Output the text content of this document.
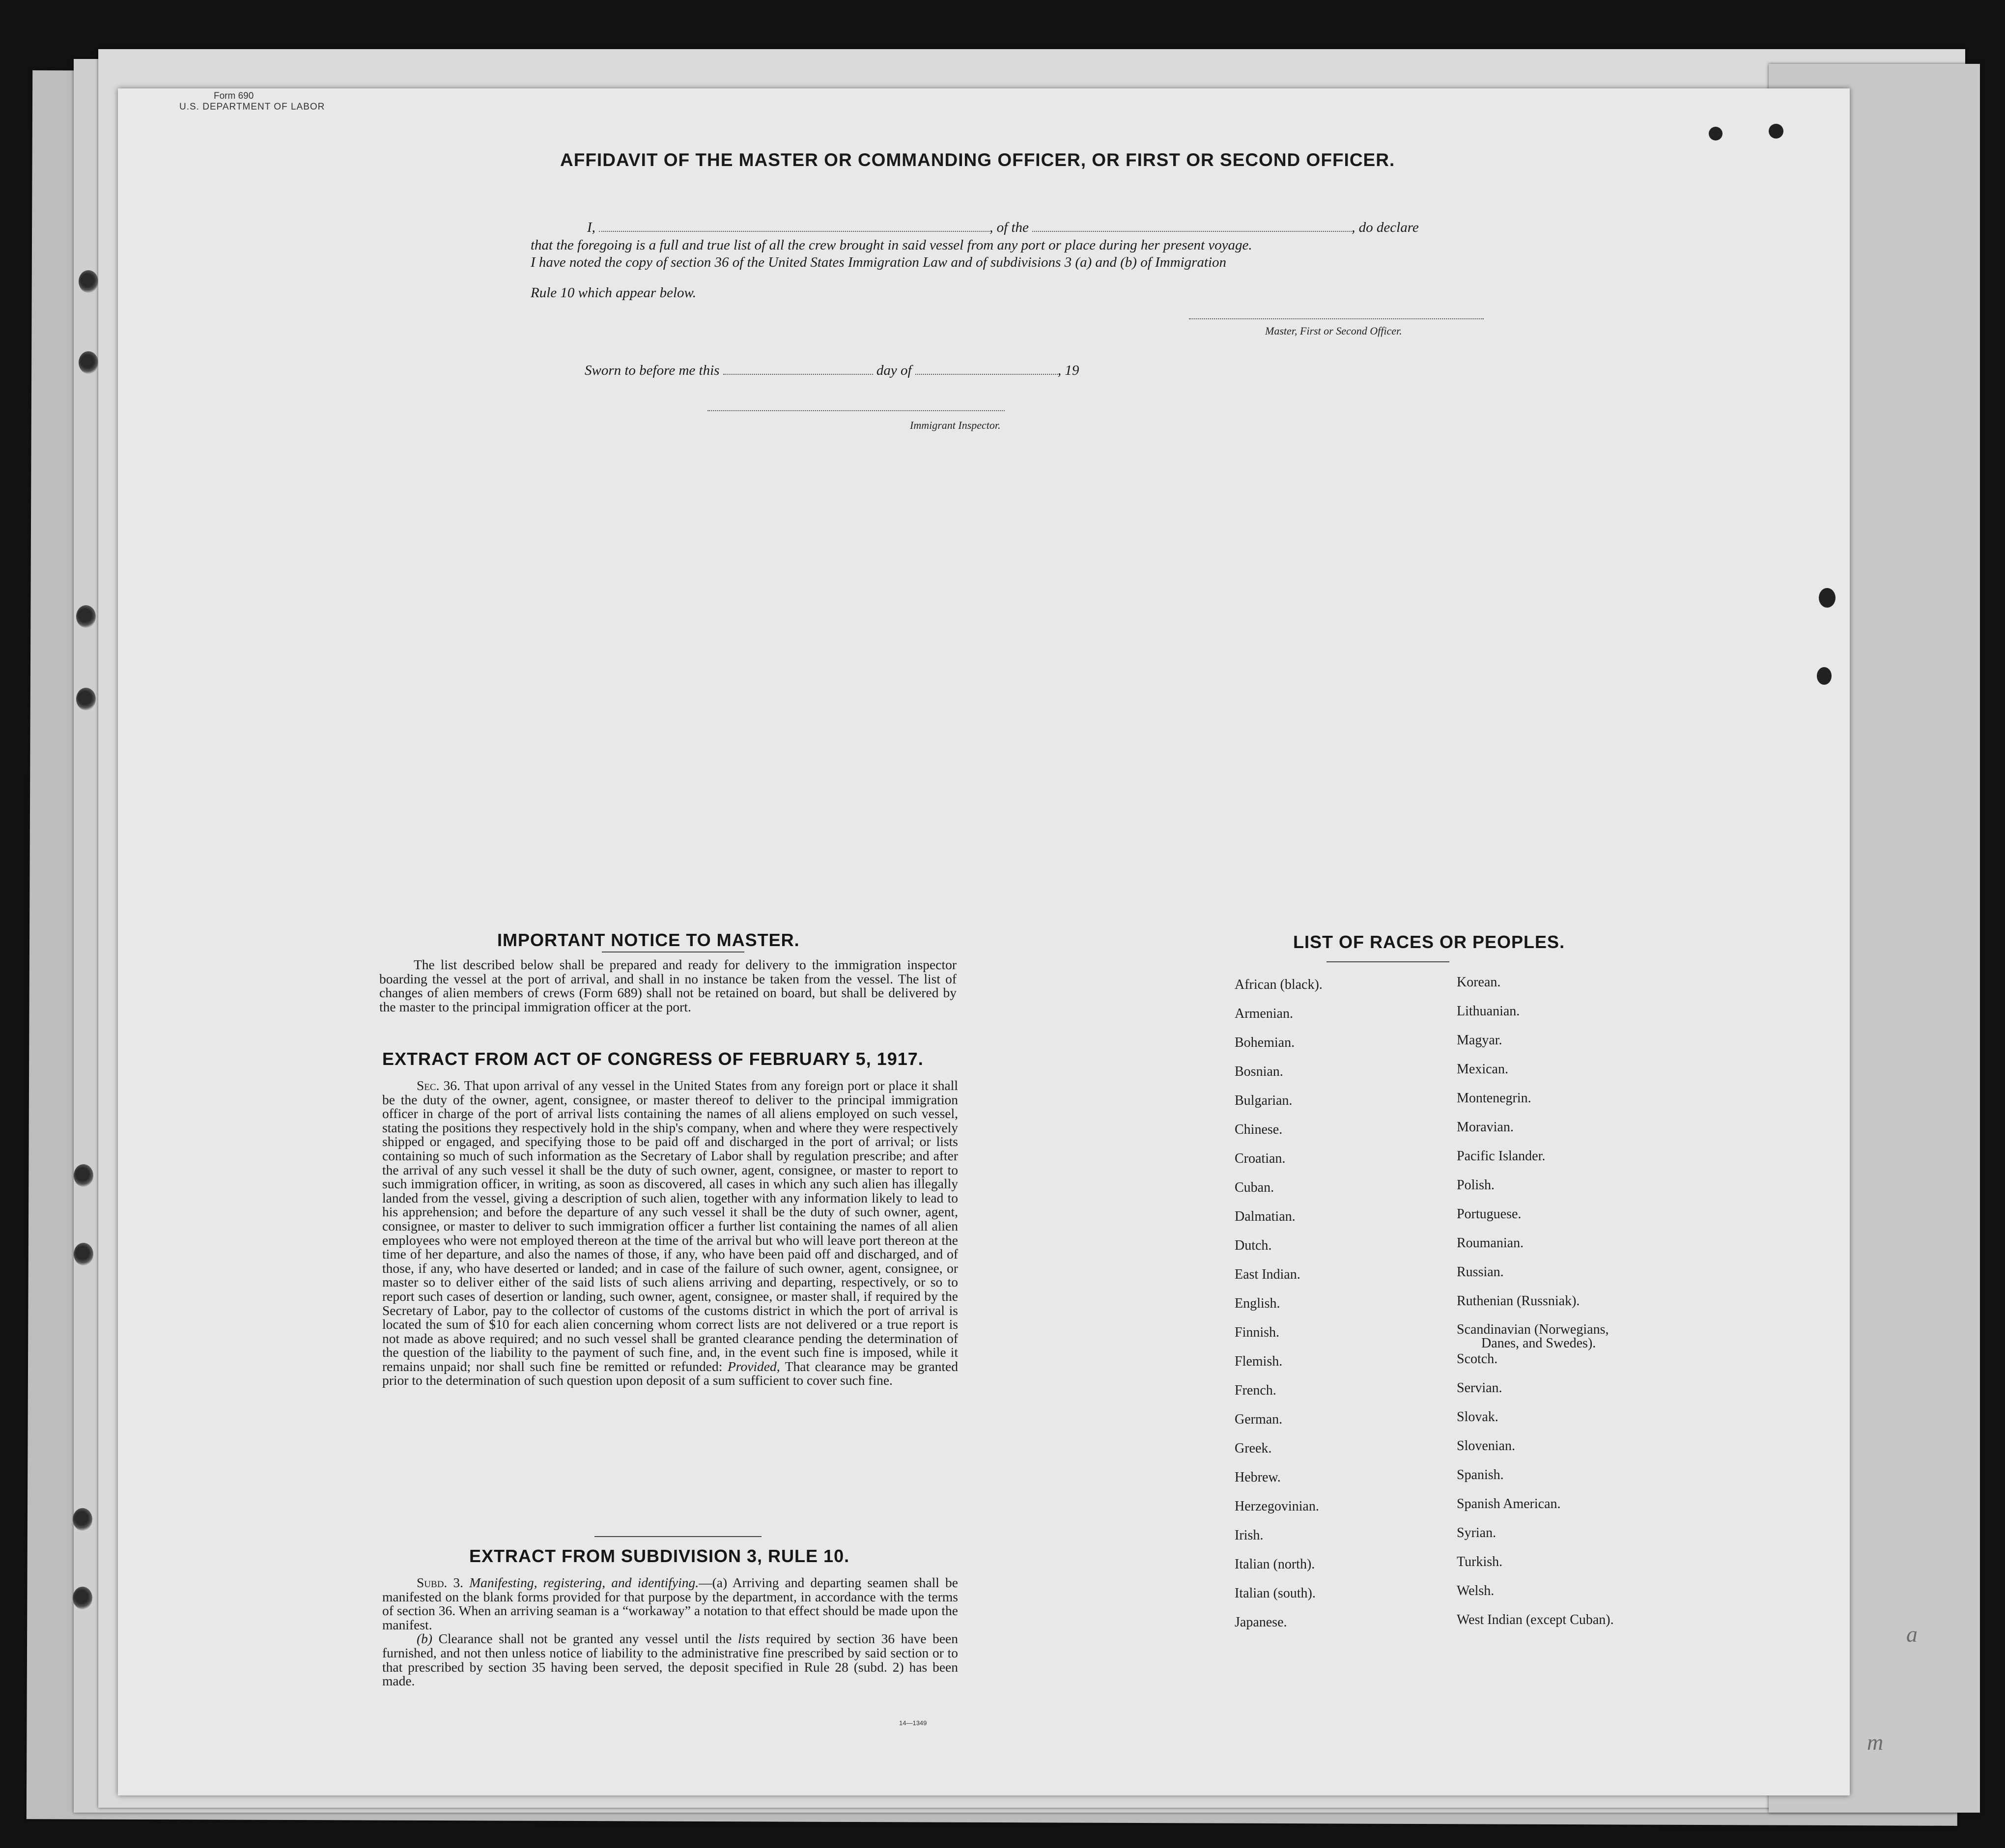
a
m

Form 690
U.S. DEPARTMENT OF LABOR
AFFIDAVIT OF THE MASTER OR COMMANDING OFFICER, OR FIRST OR SECOND OFFICER.
I,	, of the	, do declare
that the foregoing is a full and true list of all the crew brought in said vessel from any port or place during her present voyage.
I have noted the copy of section 36 of the United States Immigration Law and of subdivisions 3 (a) and (b) of Immigration
Rule 10 which appear below.
Master, First or Second Officer.
Sworn to before me this	day of	, 19
Immigrant Inspector.
IMPORTANT NOTICE TO MASTER.

The list described below shall be prepared and ready for delivery to the immigration inspector boarding the vessel at the port of arrival, and shall in no instance be taken from the vessel. The list of changes of alien members of crews (Form 689) shall not be retained on board, but shall be delivered by the master to the principal immigration officer at the port.

EXTRACT FROM ACT OF CONGRESS OF FEBRUARY 5, 1917.

Sec. 36. That upon arrival of any vessel in the United States from any foreign port or place it shall be the duty of the owner, agent, consignee, or master thereof to deliver to the principal immigration officer in charge of the port of arrival lists containing the names of all aliens employed on such vessel, stating the positions they respectively hold in the ship's company, when and where they were respectively shipped or engaged, and specifying those to be paid off and discharged in the port of arrival; or lists containing so much of such information as the Secretary of Labor shall by regulation prescribe; and after the arrival of any such vessel it shall be the duty of such owner, agent, consignee, or master to report to such immigration officer, in writing, as soon as discovered, all cases in which any such alien has illegally landed from the vessel, giving a description of such alien, together with any information likely to lead to his apprehension; and before the departure of any such vessel it shall be the duty of such owner, agent, consignee, or master to deliver to such immigration officer a further list containing the names of all alien employees who were not employed thereon at the time of the arrival but who will leave port thereon at the time of her departure, and also the names of those, if any, who have been paid off and discharged, and of those, if any, who have deserted or landed; and in case of the failure of such owner, agent, consignee, or master so to deliver either of the said lists of such aliens arriving and departing, respectively, or so to report such cases of desertion or landing, such owner, agent, consignee, or master shall, if required by the Secretary of Labor, pay to the collector of customs of the customs district in which the port of arrival is located the sum of $10 for each alien concerning whom correct lists are not delivered or a true report is not made as above required; and no such vessel shall be granted clearance pending the determination of the question of the liability to the payment of such fine, and, in the event such fine is imposed, while it remains unpaid; nor shall such fine be remitted or refunded: Provided, That clearance may be granted prior to the determination of such question upon deposit of a sum sufficient to cover such fine.

EXTRACT FROM SUBDIVISION 3, RULE 10.

Subd. 3. Manifesting, registering, and identifying.—(a) Arriving and departing seamen shall be manifested on the blank forms provided for that purpose by the department, in accordance with the terms of section 36. When an arriving seaman is a “workaway” a notation to that effect should be made upon the manifest.

(b) Clearance shall not be granted any vessel until the lists required by section 36 have been furnished, and not then unless notice of liability to the administrative fine prescribed by said section or to that prescribed by section 35 having been served, the deposit specified in Rule 28 (subd. 2) has been made.

14—1349
LIST OF RACES OR PEOPLES.
African (black).
Armenian.
Bohemian.
Bosnian.
Bulgarian.
Chinese.
Croatian.
Cuban.
Dalmatian.
Dutch.
East Indian.
English.
Finnish.
Flemish.
French.
German.
Greek.
Hebrew.
Herzegovinian.
Irish.
Italian (north).
Italian (south).
Japanese.
Korean.
Lithuanian.
Magyar.
Mexican.
Montenegrin.
Moravian.
Pacific Islander.
Polish.
Portuguese.
Roumanian.
Russian.
Ruthenian (Russniak).
Scandinavian (Norwegians,
Danes, and Swedes).
Scotch.
Servian.
Slovak.
Slovenian.
Spanish.
Spanish American.
Syrian.
Turkish.
Welsh.
West Indian (except Cuban).
